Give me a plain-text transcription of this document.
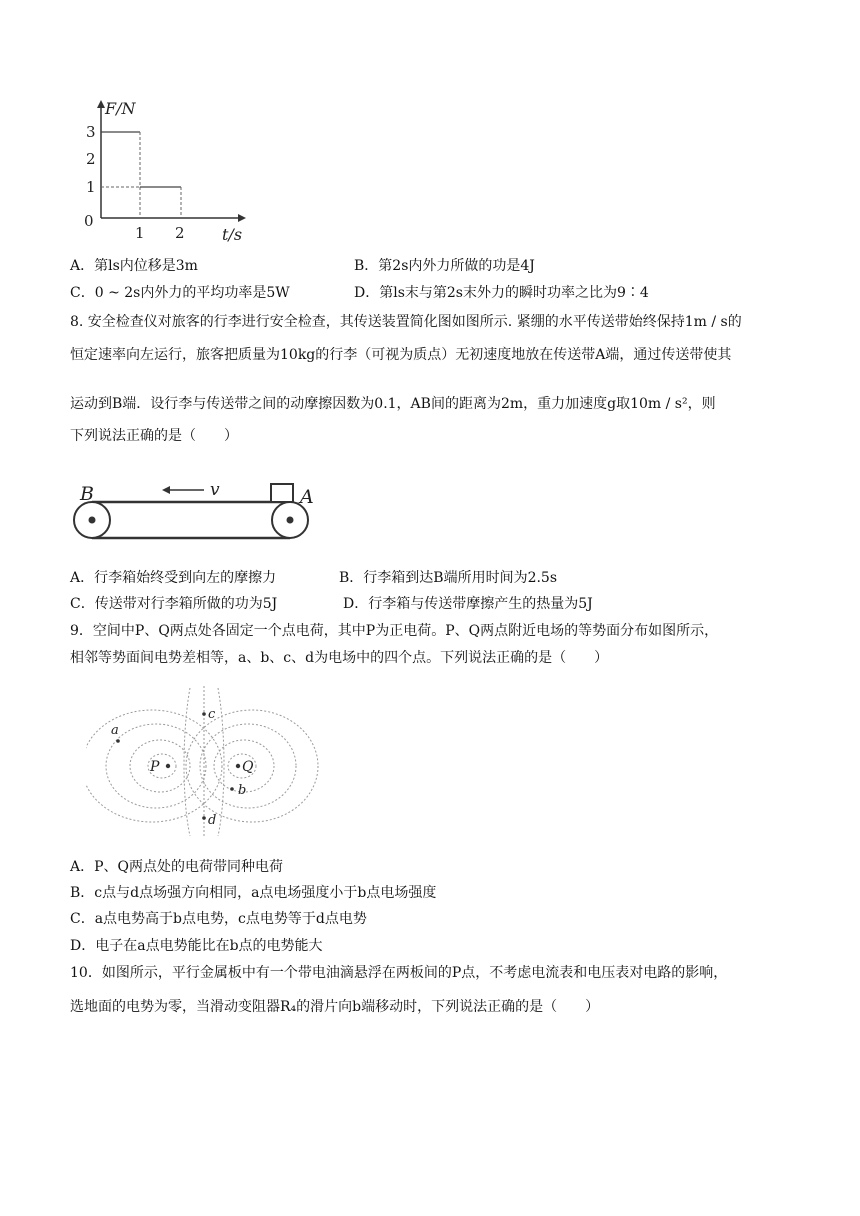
F/N
3
2
1
0
1 2 t/s
A．第ls内位移是3m	B．第2s内外力所做的功是4J
C．0 ~ 2s内外力的平均功率是5W	D．第ls末与第2s末外力的瞬时功率之比为9∶4
8. 安全检查仪对旅客的行李进行安全检查，其传送装置简化图如图所示. 紧绷的水平传送带始终保持1m / s的
恒定速率向左运行，旅客把质量为10kg的行李（可视为质点）无初速度地放在传送带A端，通过传送带使其
运动到B端．设行李与传送带之间的动摩擦因数为0.1，AB间的距离为2m，重力加速度g取10m / s²，则
下列说法正确的是（　　）
v
B	A
A．行李箱始终受到向左的摩擦力	B．行李箱到达B端所用时间为2.5s
C．传送带对行李箱所做的功为5J	D．行李箱与传送带摩擦产生的热量为5J
9．空间中P、Q两点处各固定一个点电荷，其中P为正电荷。P、Q两点附近电场的等势面分布如图所示，
相邻等势面间电势差相等，a、b、c、d为电场中的四个点。下列说法正确的是（　　）
P	Q
a
b
c
d
A．P、Q两点处的电荷带同种电荷
B．c点与d点场强方向相同，a点电场强度小于b点电场强度
C．a点电势高于b点电势，c点电势等于d点电势
D．电子在a点电势能比在b点的电势能大
10．如图所示，平行金属板中有一个带电油滴悬浮在两板间的P点，不考虑电流表和电压表对电路的影响，
选地面的电势为零，当滑动变阻器R₄的滑片向b端移动时，下列说法正确的是（　　）
